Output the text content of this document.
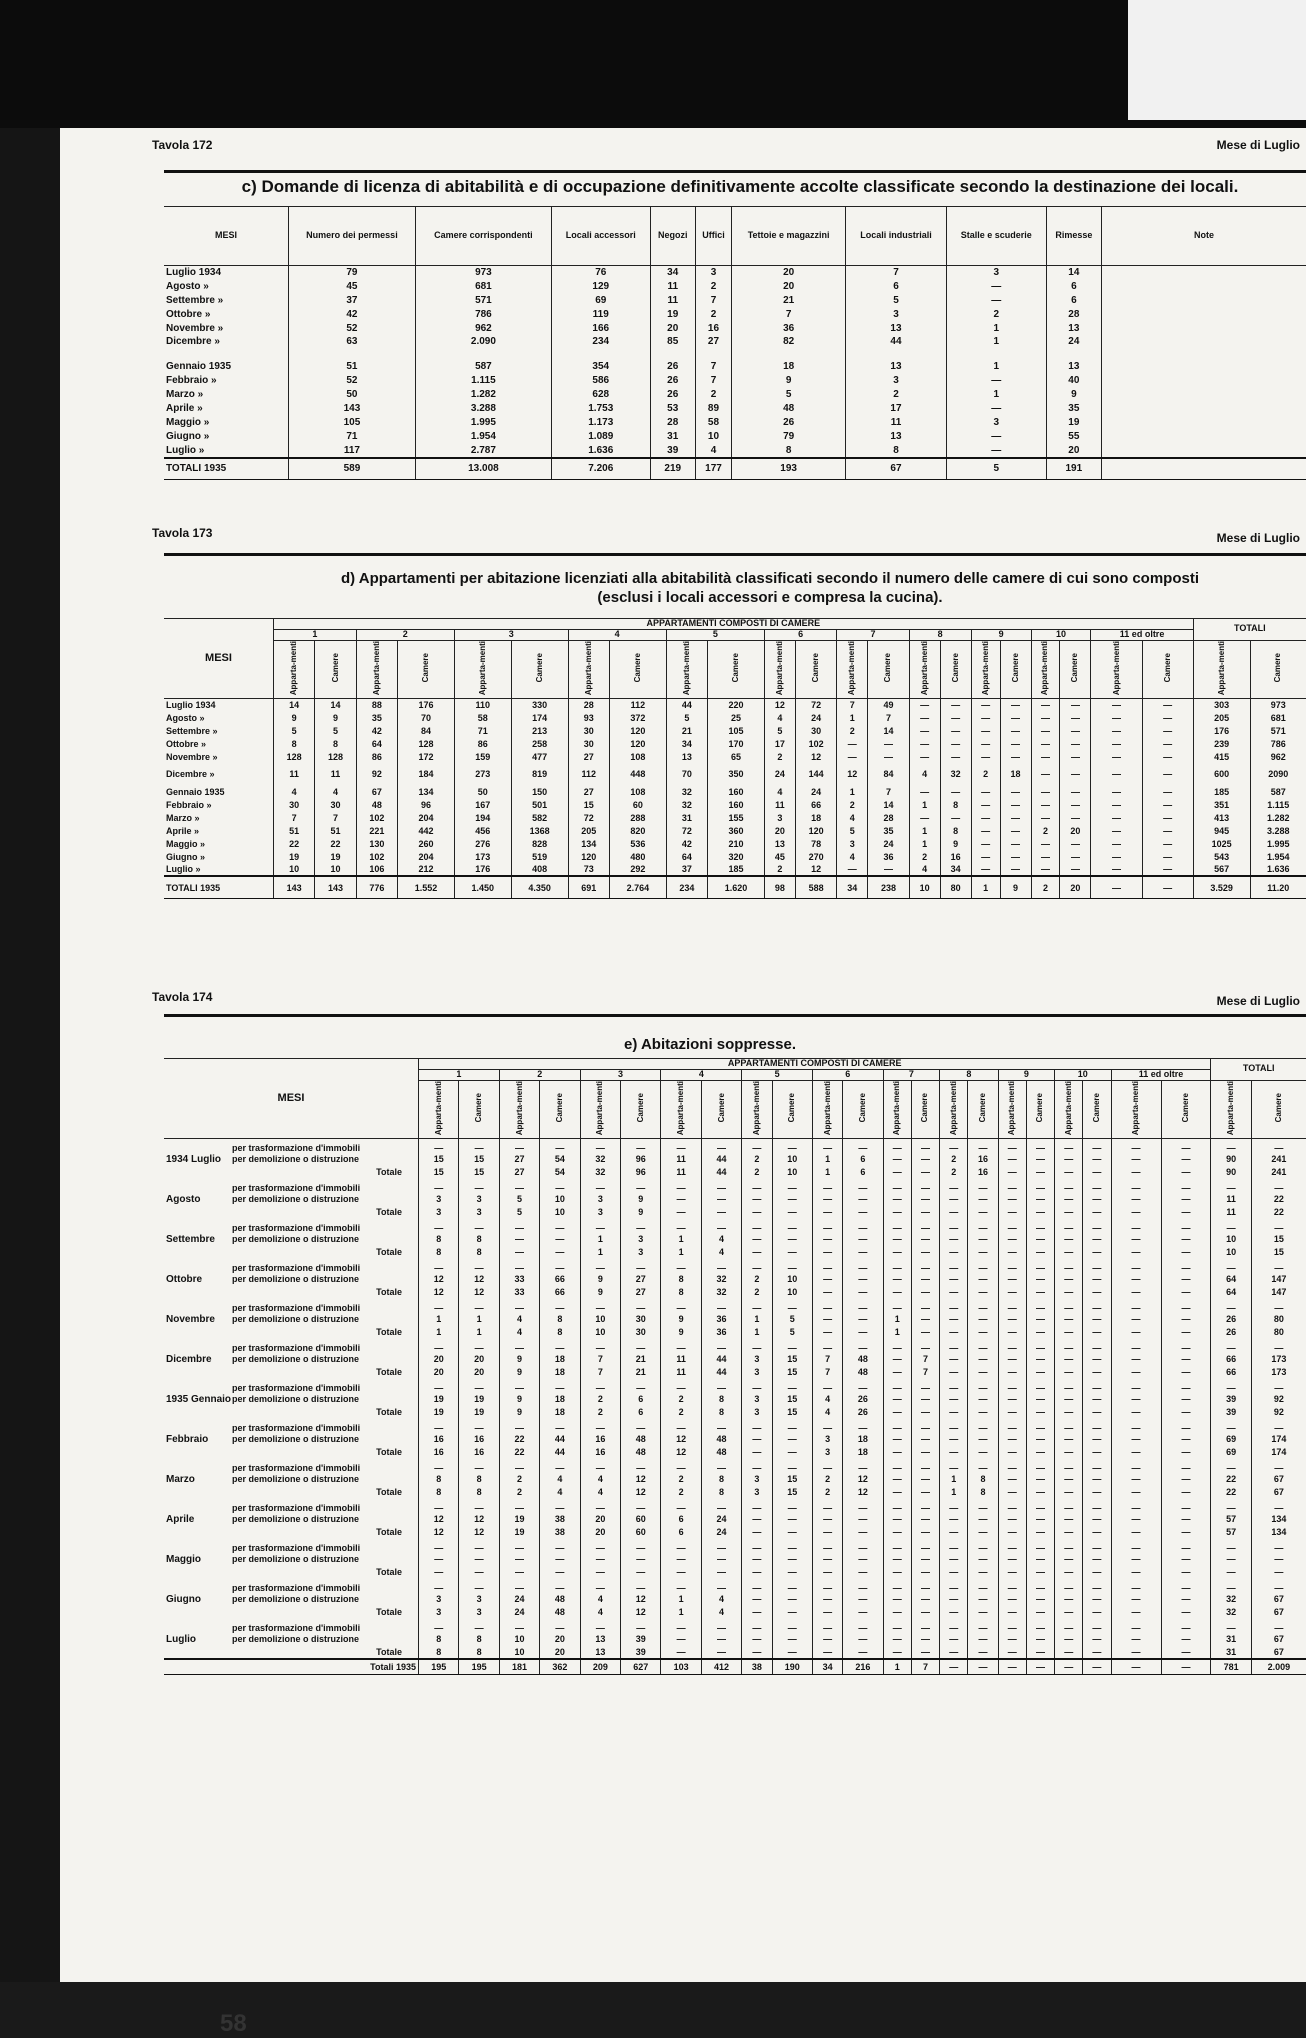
Tavola 172	Mese di Luglio
c) Domande di licenza di abitabilità e di occupazione definitivamente accolte classificate secondo la destinazione dei locali.
MESI	Numero dei permessi	Camere corrispondenti	Locali accessori	Negozi	Uffici	Tettoie e magazzini	Locali industriali	Stalle e scuderie	Rimesse	Note
Luglio 1934	79	973	76	34	3	20	7	3	14	
Agosto »	45	681	129	11	2	20	6	—	6	
Settembre »	37	571	69	11	7	21	5	—	6	
Ottobre »	42	786	119	19	2	7	3	2	28	
Novembre »	52	962	166	20	16	36	13	1	13	
Dicembre »	63	2.090	234	85	27	82	44	1	24	
Gennaio 1935	51	587	354	26	7	18	13	1	13	
Febbraio »	52	1.115	586	26	7	9	3	—	40	
Marzo »	50	1.282	628	26	2	5	2	1	9	
Aprile »	143	3.288	1.753	53	89	48	17	—	35	
Maggio »	105	1.995	1.173	28	58	26	11	3	19	
Giugno »	71	1.954	1.089	31	10	79	13	—	55	
Luglio »	117	2.787	1.636	39	4	8	8	—	20	
TOTALI 1935	589	13.008	7.206	219	177	193	67	5	191	
Tavola 173	Mese di Luglio
d) Appartamenti per abitazione licenziati alla abitabilità classificati secondo il numero delle camere di cui sono composti (esclusi i locali accessori e compresa la cucina).
MESI	APPARTAMENTI COMPOSTI DI CAMERE																						TOTALI	
	1		2		3		4		5		6		7		8		9		10		11 ed oltre			
	Apparta-menti	Camere	Apparta-menti	Camere	Apparta-menti	Camere	Apparta-menti	Camere	Apparta-menti	Camere	Apparta-menti	Camere	Apparta-menti	Camere	Apparta-menti	Camere	Apparta-menti	Camere	Apparta-menti	Camere	Apparta-menti	Camere	Apparta-menti	Camere
Luglio 1934	14	14	88	176	110	330	28	112	44	220	12	72	7	49	—	—	—	—	—	—	—	—	303	973
Agosto »	9	9	35	70	58	174	93	372	5	25	4	24	1	7	—	—	—	—	—	—	—	—	205	681
Settembre »	5	5	42	84	71	213	30	120	21	105	5	30	2	14	—	—	—	—	—	—	—	—	176	571
Ottobre »	8	8	64	128	86	258	30	120	34	170	17	102	—	—	—	—	—	—	—	—	—	—	239	786
Novembre »	128	128	86	172	159	477	27	108	13	65	2	12	—	—	—	—	—	—	—	—	—	—	415	962
Dicembre »	11	11	92	184	273	819	112	448	70	350	24	144	12	84	4	32	2	18	—	—	—	—	600	2090
Gennaio 1935	4	4	67	134	50	150	27	108	32	160	4	24	1	7	—	—	—	—	—	—	—	—	185	587
Febbraio »	30	30	48	96	167	501	15	60	32	160	11	66	2	14	1	8	—	—	—	—	—	—	351	1.115
Marzo »	7	7	102	204	194	582	72	288	31	155	3	18	4	28	—	—	—	—	—	—	—	—	413	1.282
Aprile »	51	51	221	442	456	1368	205	820	72	360	20	120	5	35	1	8	—	—	2	20	—	—	945	3.288
Maggio »	22	22	130	260	276	828	134	536	42	210	13	78	3	24	1	9	—	—	—	—	—	—	1025	1.995
Giugno »	19	19	102	204	173	519	120	480	64	320	45	270	4	36	2	16	—	—	—	—	—	—	543	1.954
Luglio »	10	10	106	212	176	408	73	292	37	185	2	12	—	—	4	34	—	—	—	—	—	—	567	1.636
TOTALI 1935	143	143	776	1.552	1.450	4.350	691	2.764	234	1.620	98	588	34	238	10	80	1	9	2	20	—	—	3.529	11.20
Tavola 174	Mese di Luglio
e) Abitazioni soppresse.
MESI	APPARTAMENTI COMPOSTI DI CAMERE																						TOTALI	
	1		2		3		4		5		6		7		8		9		10		11 ed oltre			
	Apparta-menti	Camere	Apparta-menti	Camere	Apparta-menti	Camere	Apparta-menti	Camere	Apparta-menti	Camere	Apparta-menti	Camere	Apparta-menti	Camere	Apparta-menti	Camere	Apparta-menti	Camere	Apparta-menti	Camere	Apparta-menti	Camere	Apparta-menti	Camere
per trasformazione d'immobili	—	—	—	—	—	—	—	—	—	—	—	—	—	—	—	—	—	—	—	—	—	—	—	—
1934 Luglio per demolizione o distruzione	15	15	27	54	32	96	11	44	2	10	1	6	—	—	2	16	—	—	—	—	—	—	90	241
Totale	15	15	27	54	32	96	11	44	2	10	1	6	—	—	2	16	—	—	—	—	—	—	90	241
per trasformazione d'immobili	—	—	—	—	—	—	—	—	—	—	—	—	—	—	—	—	—	—	—	—	—	—	—	—
Agosto per demolizione o distruzione	3	3	5	10	3	9	—	—	—	—	—	—	—	—	—	—	—	—	—	—	—	—	11	22
Totale	3	3	5	10	3	9	—	—	—	—	—	—	—	—	—	—	—	—	—	—	—	—	11	22
per trasformazione d'immobili	—	—	—	—	—	—	—	—	—	—	—	—	—	—	—	—	—	—	—	—	—	—	—	—
Settembre per demolizione o distruzione	8	8	—	—	1	3	1	4	—	—	—	—	—	—	—	—	—	—	—	—	—	—	10	15
Totale	8	8	—	—	1	3	1	4	—	—	—	—	—	—	—	—	—	—	—	—	—	—	10	15
per trasformazione d'immobili	—	—	—	—	—	—	—	—	—	—	—	—	—	—	—	—	—	—	—	—	—	—	—	—
Ottobre per demolizione o distruzione	12	12	33	66	9	27	8	32	2	10	—	—	—	—	—	—	—	—	—	—	—	—	64	147
Totale	12	12	33	66	9	27	8	32	2	10	—	—	—	—	—	—	—	—	—	—	—	—	64	147
per trasformazione d'immobili	—	—	—	—	—	—	—	—	—	—	—	—	—	—	—	—	—	—	—	—	—	—	—	—
Novembre per demolizione o distruzione	1	1	4	8	10	30	9	36	1	5	—	—	1	—	—	—	—	—	—	—	—	—	26	80
Totale	1	1	4	8	10	30	9	36	1	5	—	—	1	—	—	—	—	—	—	—	—	—	26	80
per trasformazione d'immobili	—	—	—	—	—	—	—	—	—	—	—	—	—	—	—	—	—	—	—	—	—	—	—	—
Dicembre per demolizione o distruzione	20	20	9	18	7	21	11	44	3	15	7	48	—	7	—	—	—	—	—	—	—	—	66	173
Totale	20	20	9	18	7	21	11	44	3	15	7	48	—	7	—	—	—	—	—	—	—	—	66	173
per trasformazione d'immobili	—	—	—	—	—	—	—	—	—	—	—	—	—	—	—	—	—	—	—	—	—	—	—	—
1935 Gennaioper demolizione o distruzione	19	19	9	18	2	6	2	8	3	15	4	26	—	—	—	—	—	—	—	—	—	—	39	92
Totale	19	19	9	18	2	6	2	8	3	15	4	26	—	—	—	—	—	—	—	—	—	—	39	92
per trasformazione d'immobili	—	—	—	—	—	—	—	—	—	—	—	—	—	—	—	—	—	—	—	—	—	—	—	—
Febbraio per demolizione o distruzione	16	16	22	44	16	48	12	48	—	—	3	18	—	—	—	—	—	—	—	—	—	—	69	174
Totale	16	16	22	44	16	48	12	48	—	—	3	18	—	—	—	—	—	—	—	—	—	—	69	174
per trasformazione d'immobili	—	—	—	—	—	—	—	—	—	—	—	—	—	—	—	—	—	—	—	—	—	—	—	—
Marzo per demolizione o distruzione	8	8	2	4	4	12	2	8	3	15	2	12	—	—	1	8	—	—	—	—	—	—	22	67
Totale	8	8	2	4	4	12	2	8	3	15	2	12	—	—	1	8	—	—	—	—	—	—	22	67
per trasformazione d'immobili	—	—	—	—	—	—	—	—	—	—	—	—	—	—	—	—	—	—	—	—	—	—	—	—
Aprile per demolizione o distruzione	12	12	19	38	20	60	6	24	—	—	—	—	—	—	—	—	—	—	—	—	—	—	57	134
Totale	12	12	19	38	20	60	6	24	—	—	—	—	—	—	—	—	—	—	—	—	—	—	57	134
per trasformazione d'immobili	—	—	—	—	—	—	—	—	—	—	—	—	—	—	—	—	—	—	—	—	—	—	—	—
Maggio per demolizione o distruzione	—	—	—	—	—	—	—	—	—	—	—	—	—	—	—	—	—	—	—	—	—	—	—	—
Totale	—	—	—	—	—	—	—	—	—	—	—	—	—	—	—	—	—	—	—	—	—	—	—	—
per trasformazione d'immobili	—	—	—	—	—	—	—	—	—	—	—	—	—	—	—	—	—	—	—	—	—	—	—	—
Giugno per demolizione o distruzione	3	3	24	48	4	12	1	4	—	—	—	—	—	—	—	—	—	—	—	—	—	—	32	67
Totale	3	3	24	48	4	12	1	4	—	—	—	—	—	—	—	—	—	—	—	—	—	—	32	67
per trasformazione d'immobili	—	—	—	—	—	—	—	—	—	—	—	—	—	—	—	—	—	—	—	—	—	—	—	—
Luglio per demolizione o distruzione	8	8	10	20	13	39	—	—	—	—	—	—	—	—	—	—	—	—	—	—	—	—	31	67
Totale	8	8	10	20	13	39	—	—	—	—	—	—	—	—	—	—	—	—	—	—	—	—	31	67
Totali 1935	195	195	181	362	209	627	103	412	38	190	34	216	1	7	—	—	—	—	—	—	—	—	781	2.009
58
